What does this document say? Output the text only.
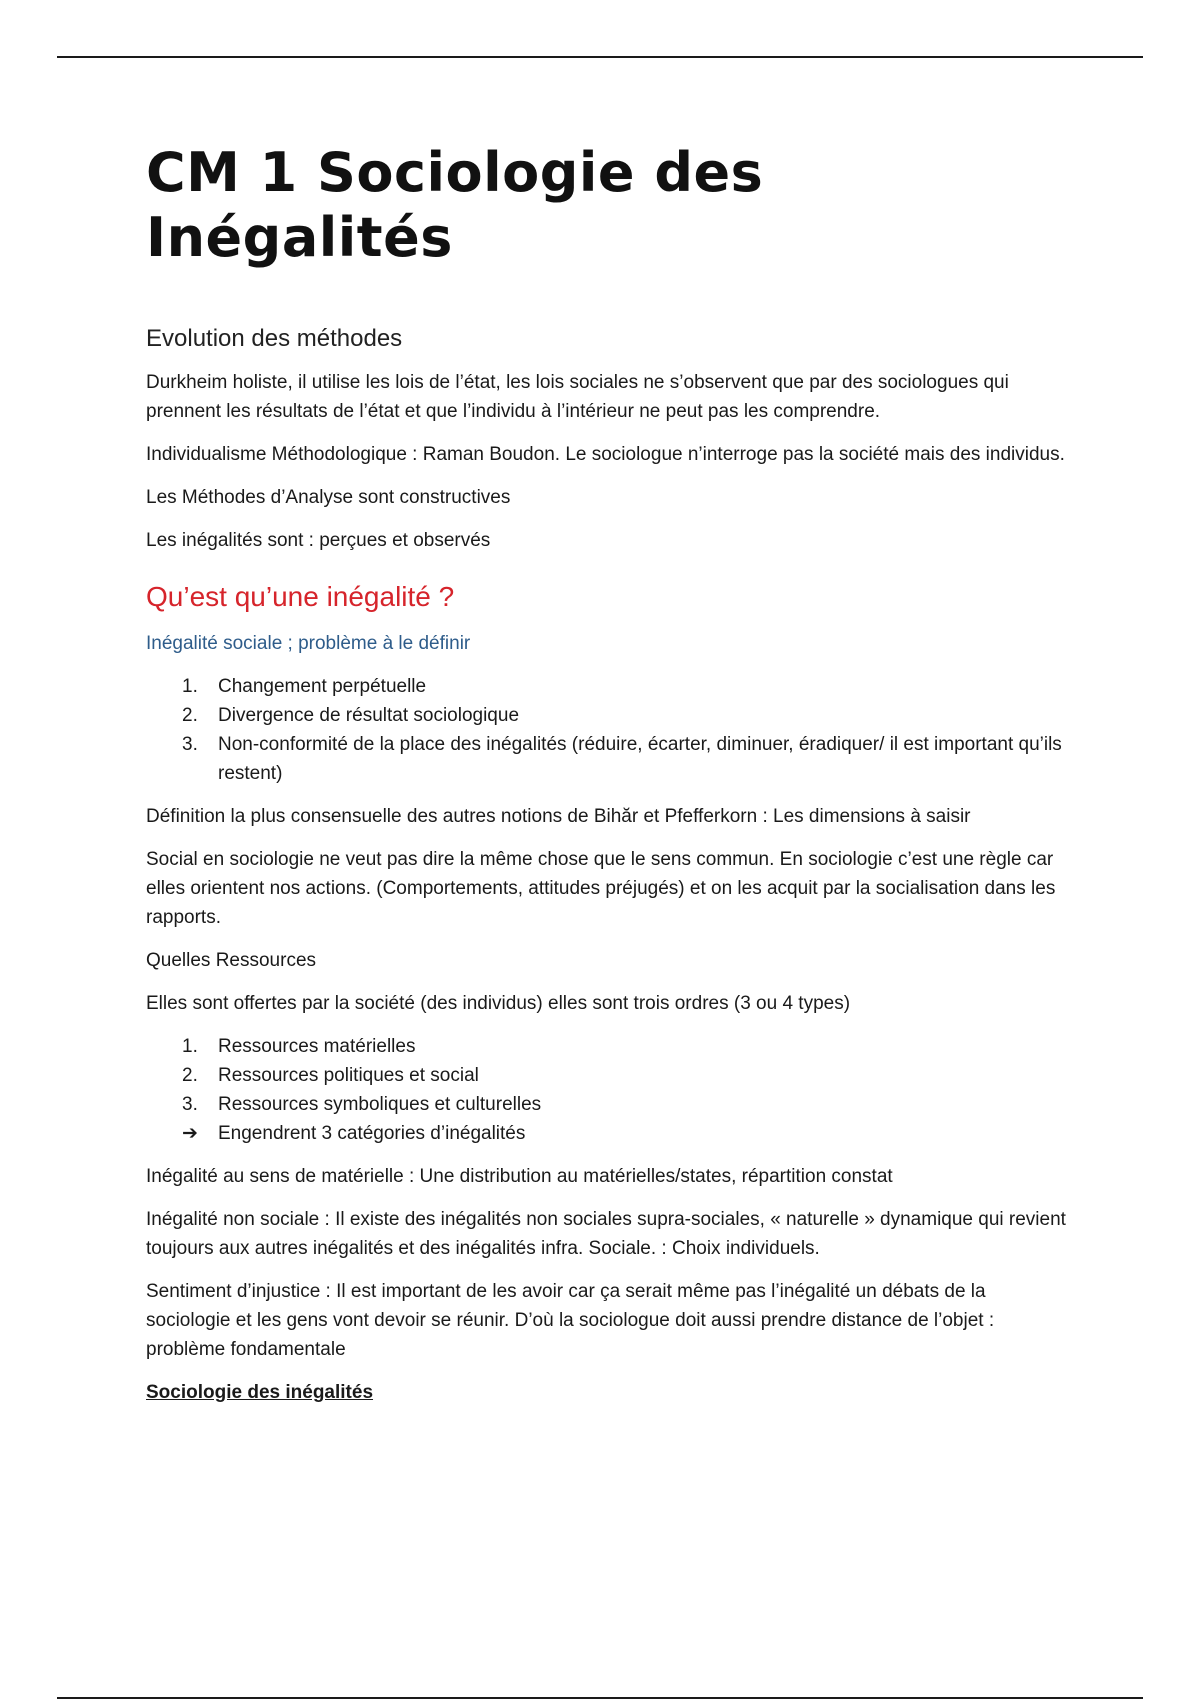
CM 1 Sociologie des Inégalités
Evolution des méthodes

Durkheim holiste, il utilise les lois de l’état, les lois sociales ne s’observent que par des sociologues qui prennent les résultats de l’état et que l’individu à l’intérieur ne peut pas les comprendre.

Individualisme Méthodologique : Raman Boudon. Le sociologue n’interroge pas la société mais des individus.

Les Méthodes d’Analyse sont constructives

Les inégalités sont : perçues et observés

Qu’est qu’une inégalité ?
Inégalité sociale ; problème à le définir
1. Changement perpétuelle
2. Divergence de résultat sociologique
3. Non-conformité de la place des inégalités (réduire, écarter, diminuer, éradiquer/ il est important qu’ils restent)

Définition la plus consensuelle des autres notions de Bihăr et Pfefferkorn : Les dimensions à saisir

Social en sociologie ne veut pas dire la même chose que le sens commun. En sociologie c’est une règle car elles orientent nos actions. (Comportements, attitudes préjugés) et on les acquit par la socialisation dans les rapports.

Quelles Ressources

Elles sont offertes par la société (des individus) elles sont trois ordres (3 ou 4 types)

1. Ressources matérielles
2. Ressources politiques et social
3. Ressources symboliques et culturelles
➔ Engendrent 3 catégories d’inégalités

Inégalité au sens de matérielle : Une distribution au matérielles/states, répartition constat

Inégalité non sociale : Il existe des inégalités non sociales supra-sociales, « naturelle » dynamique qui revient toujours aux autres inégalités et des inégalités infra. Sociale. : Choix individuels.

Sentiment d’injustice : Il est important de les avoir car ça serait même pas l’inégalité un débats de la sociologie et les gens vont devoir se réunir. D’où la sociologue doit aussi prendre distance de l’objet : problème fondamentale

Sociologie des inégalités
